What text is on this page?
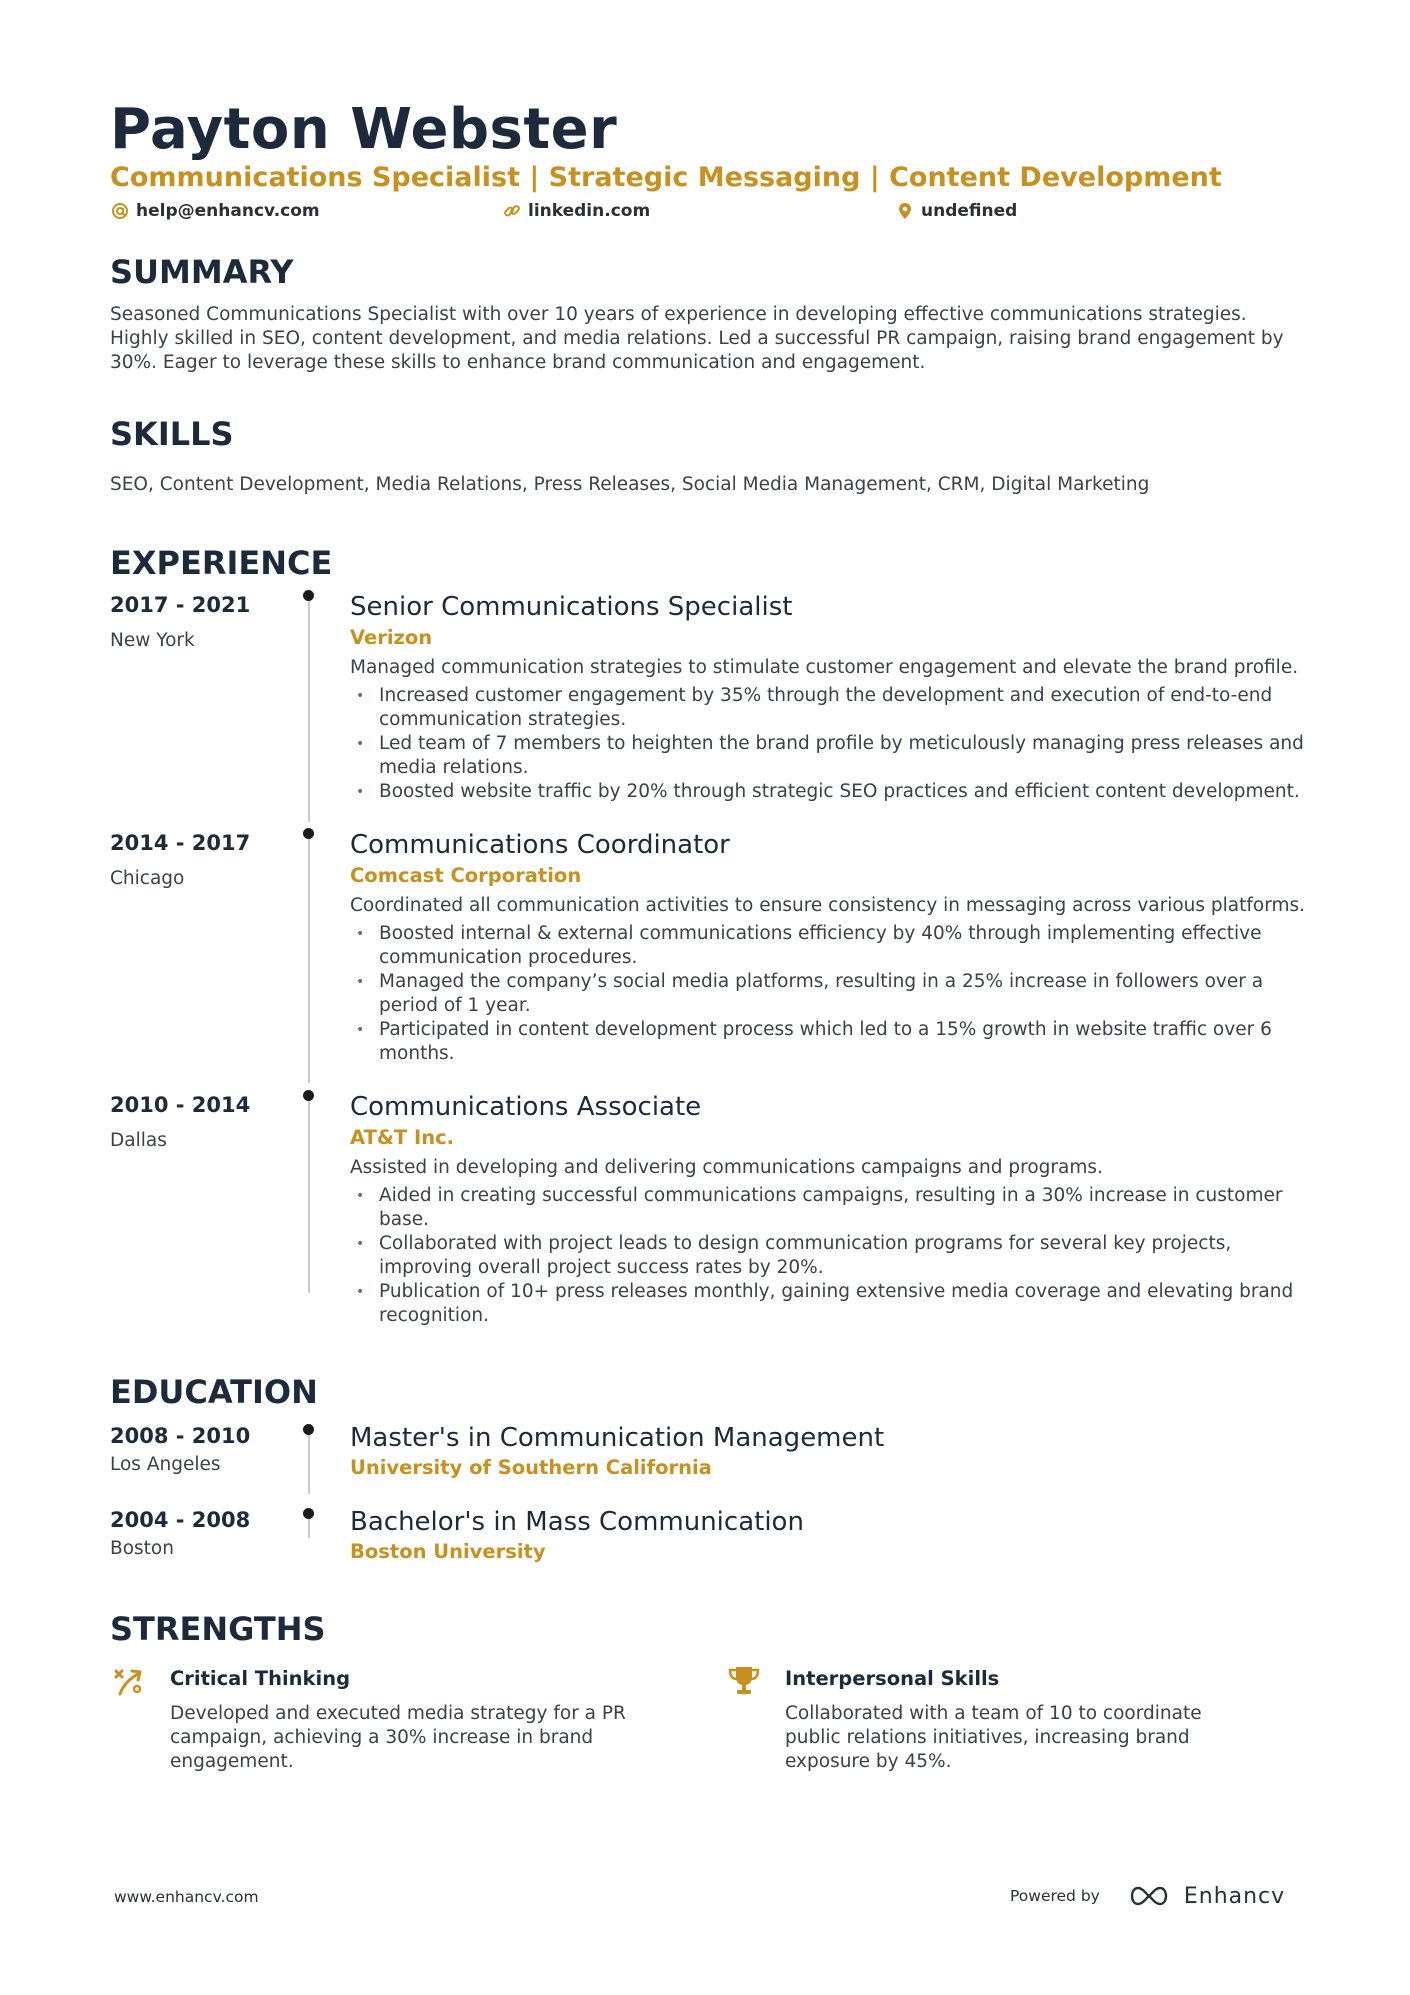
Payton Webster
Communications Specialist | Strategic Messaging | Content Development
help@enhancv.com	linkedin.com	undefined
SUMMARY
Seasoned Communications Specialist with over 10 years of experience in developing effective communications strategies. Highly skilled in SEO, content development, and media relations. Led a successful PR campaign, raising brand engagement by 30%. Eager to leverage these skills to enhance brand communication and engagement.
SKILLS
SEO, Content Development, Media Relations, Press Releases, Social Media Management, CRM, Digital Marketing
EXPERIENCE
2017 - 2021
New York
Senior Communications Specialist
Verizon
Managed communication strategies to stimulate customer engagement and elevate the brand profile.
• Increased customer engagement by 35% through the development and execution of end-to-end communication strategies.
• Led team of 7 members to heighten the brand profile by meticulously managing press releases and media relations.
• Boosted website traffic by 20% through strategic SEO practices and efficient content development.
2014 - 2017
Chicago
Communications Coordinator
Comcast Corporation
Coordinated all communication activities to ensure consistency in messaging across various platforms.
• Boosted internal & external communications efficiency by 40% through implementing effective communication procedures.
• Managed the company’s social media platforms, resulting in a 25% increase in followers over a period of 1 year.
• Participated in content development process which led to a 15% growth in website traffic over 6 months.
2010 - 2014
Dallas
Communications Associate
AT&T Inc.
Assisted in developing and delivering communications campaigns and programs.
• Aided in creating successful communications campaigns, resulting in a 30% increase in customer base.
• Collaborated with project leads to design communication programs for several key projects, improving overall project success rates by 20%.
• Publication of 10+ press releases monthly, gaining extensive media coverage and elevating brand recognition.
EDUCATION
2008 - 2010
Los Angeles
Master's in Communication Management
University of Southern California
2004 - 2008
Boston
Bachelor's in Mass Communication
Boston University
STRENGTHS
Critical Thinking
Developed and executed media strategy for a PR campaign, achieving a 30% increase in brand engagement.
Interpersonal Skills
Collaborated with a team of 10 to coordinate public relations initiatives, increasing brand exposure by 45%.
www.enhancv.com	Powered by	Enhancv
